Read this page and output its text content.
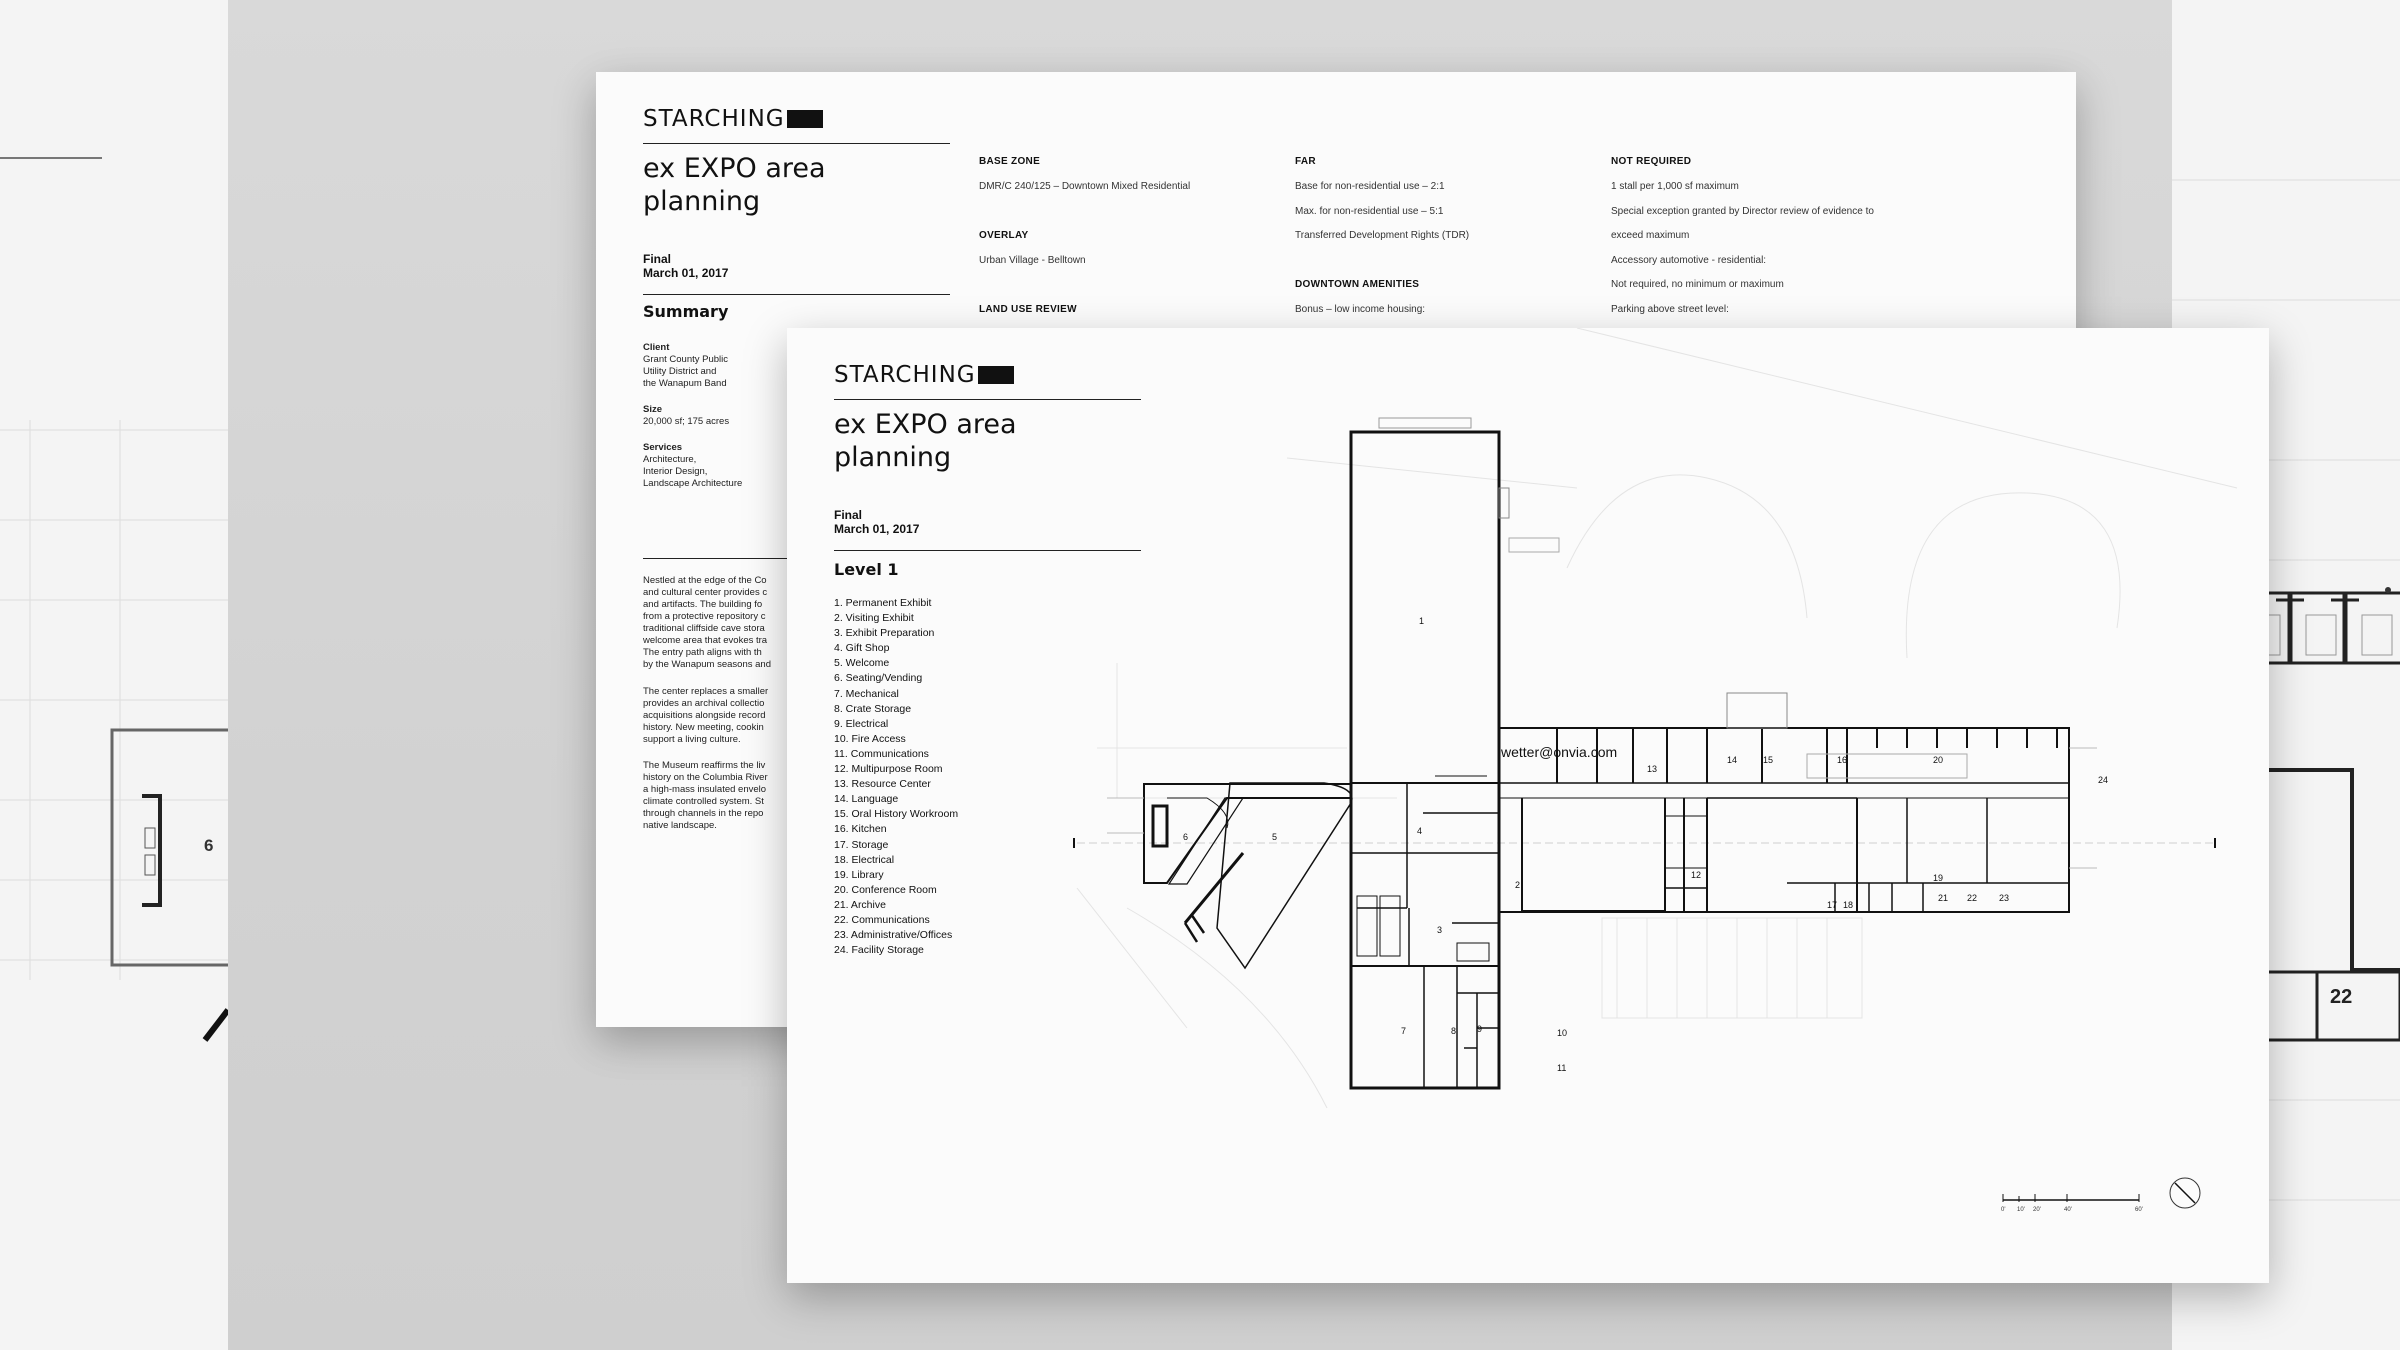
6
22
STARCHING
ex EXPO area
planning
Final
March 01, 2017
Summary
Client
Grant County Public
Utility District and
the Wanapum Band
Size
20,000 sf; 175 acres
Services
Architecture,
Interior Design,
Landscape Architecture
Nestled at the edge of the Co
and cultural center provides c
and artifacts. The building fo
from a protective repository c
traditional cliffside cave stora
welcome area that evokes tra
The entry path aligns with th
by the Wanapum seasons and
The center replaces a smaller
provides an archival collectio
acquisitions alongside record
history. New meeting, cookin
support a living culture.
The Museum reaffirms the liv
history on the Columbia River
a high-mass insulated envelo
climate controlled system. St
through channels in the repo
native landscape.
BASE ZONE
DMR/C 240/125 – Downtown Mixed Residential
OVERLAY
Urban Village - Belltown
LAND USE REVIEW
FAR
Base for non-residential use – 2:1
Max. for non-residential use – 5:1
Transferred Development Rights (TDR)
DOWNTOWN AMENITIES
Bonus – low income housing:
NOT REQUIRED
1 stall per 1,000 sf maximum
Special exception granted by Director review of evidence to
exceed maximum
Accessory automotive - residential:
Not required, no minimum or maximum
Parking above street level:
STARCHING
ex EXPO area
planning
Final
March 01, 2017
Level 1
1. Permanent Exhibit
2. Visiting Exhibit
3. Exhibit Preparation
4. Gift Shop
5. Welcome
6. Seating/Vending
7. Mechanical
8. Crate Storage
9. Electrical
10. Fire Access
11. Communications
12. Multipurpose Room
13. Resource Center
14. Language
15. Oral History Workroom
16. Kitchen
17. Storage
18. Electrical
19. Library
20. Conference Room
21. Archive
22. Communications
23. Administrative/Offices
24. Facility Storage
wetter@onvia.com
1
2
3
4
5
6
7	8 9	10
11
12
13
14	15	16
17 18
19
20
21 22 23
24
0' 10' 20'	40'	60'
